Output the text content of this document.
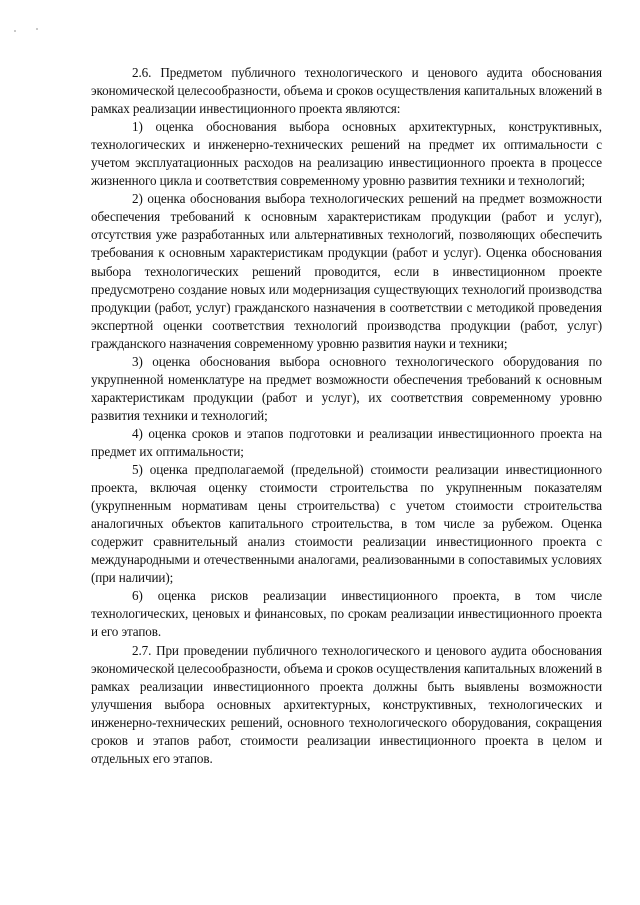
2.6. Предметом публичного технологического и ценового аудита обоснования экономической целесообразности, объема и сроков осуществления капитальных вложений в рамках реализации инвестиционного проекта являются:

1) оценка обоснования выбора основных архитектурных, конструктивных, технологических и инженерно-технических решений на предмет их оптимальности с учетом эксплуатационных расходов на реализацию инвестиционного проекта в процессе жизненного цикла и соответствия современному уровню развития техники и технологий;

2) оценка обоснования выбора технологических решений на предмет возможности обеспечения требований к основным характеристикам продукции (работ и услуг), отсутствия уже разработанных или альтернативных технологий, позволяющих обеспечить требования к основным характеристикам продукции (работ и услуг). Оценка обоснования выбора технологических решений проводится, если в инвестиционном проекте предусмотрено создание новых или модернизация существующих технологий производства продукции (работ, услуг) гражданского назначения в соответствии с методикой проведения экспертной оценки соответствия технологий производства продукции (работ, услуг) гражданского назначения современному уровню развития науки и техники;

3) оценка обоснования выбора основного технологического оборудования по укрупненной номенклатуре на предмет возможности обеспечения требований к основным характеристикам продукции (работ и услуг), их соответствия современному уровню развития техники и технологий;

4) оценка сроков и этапов подготовки и реализации инвестиционного проекта на предмет их оптимальности;

5) оценка предполагаемой (предельной) стоимости реализации инвестиционного проекта, включая оценку стоимости строительства по укрупненным показателям (укрупненным нормативам цены строительства) с учетом стоимости строительства аналогичных объектов капитального строительства, в том числе за рубежом. Оценка содержит сравнительный анализ стоимости реализации инвестиционного проекта с международными и отечественными аналогами, реализованными в сопоставимых условиях (при наличии);

6) оценка рисков реализации инвестиционного проекта, в том числе технологических, ценовых и финансовых, по срокам реализации инвестиционного проекта и его этапов.

2.7. При проведении публичного технологического и ценового аудита обоснования экономической целесообразности, объема и сроков осуществления капитальных вложений в рамках реализации инвестиционного проекта должны быть выявлены возможности улучшения выбора основных архитектурных, конструктивных, технологических и инженерно-технических решений, основного технологического оборудования, сокращения сроков и этапов работ, стоимости реализации инвестиционного проекта в целом и отдельных его этапов.
